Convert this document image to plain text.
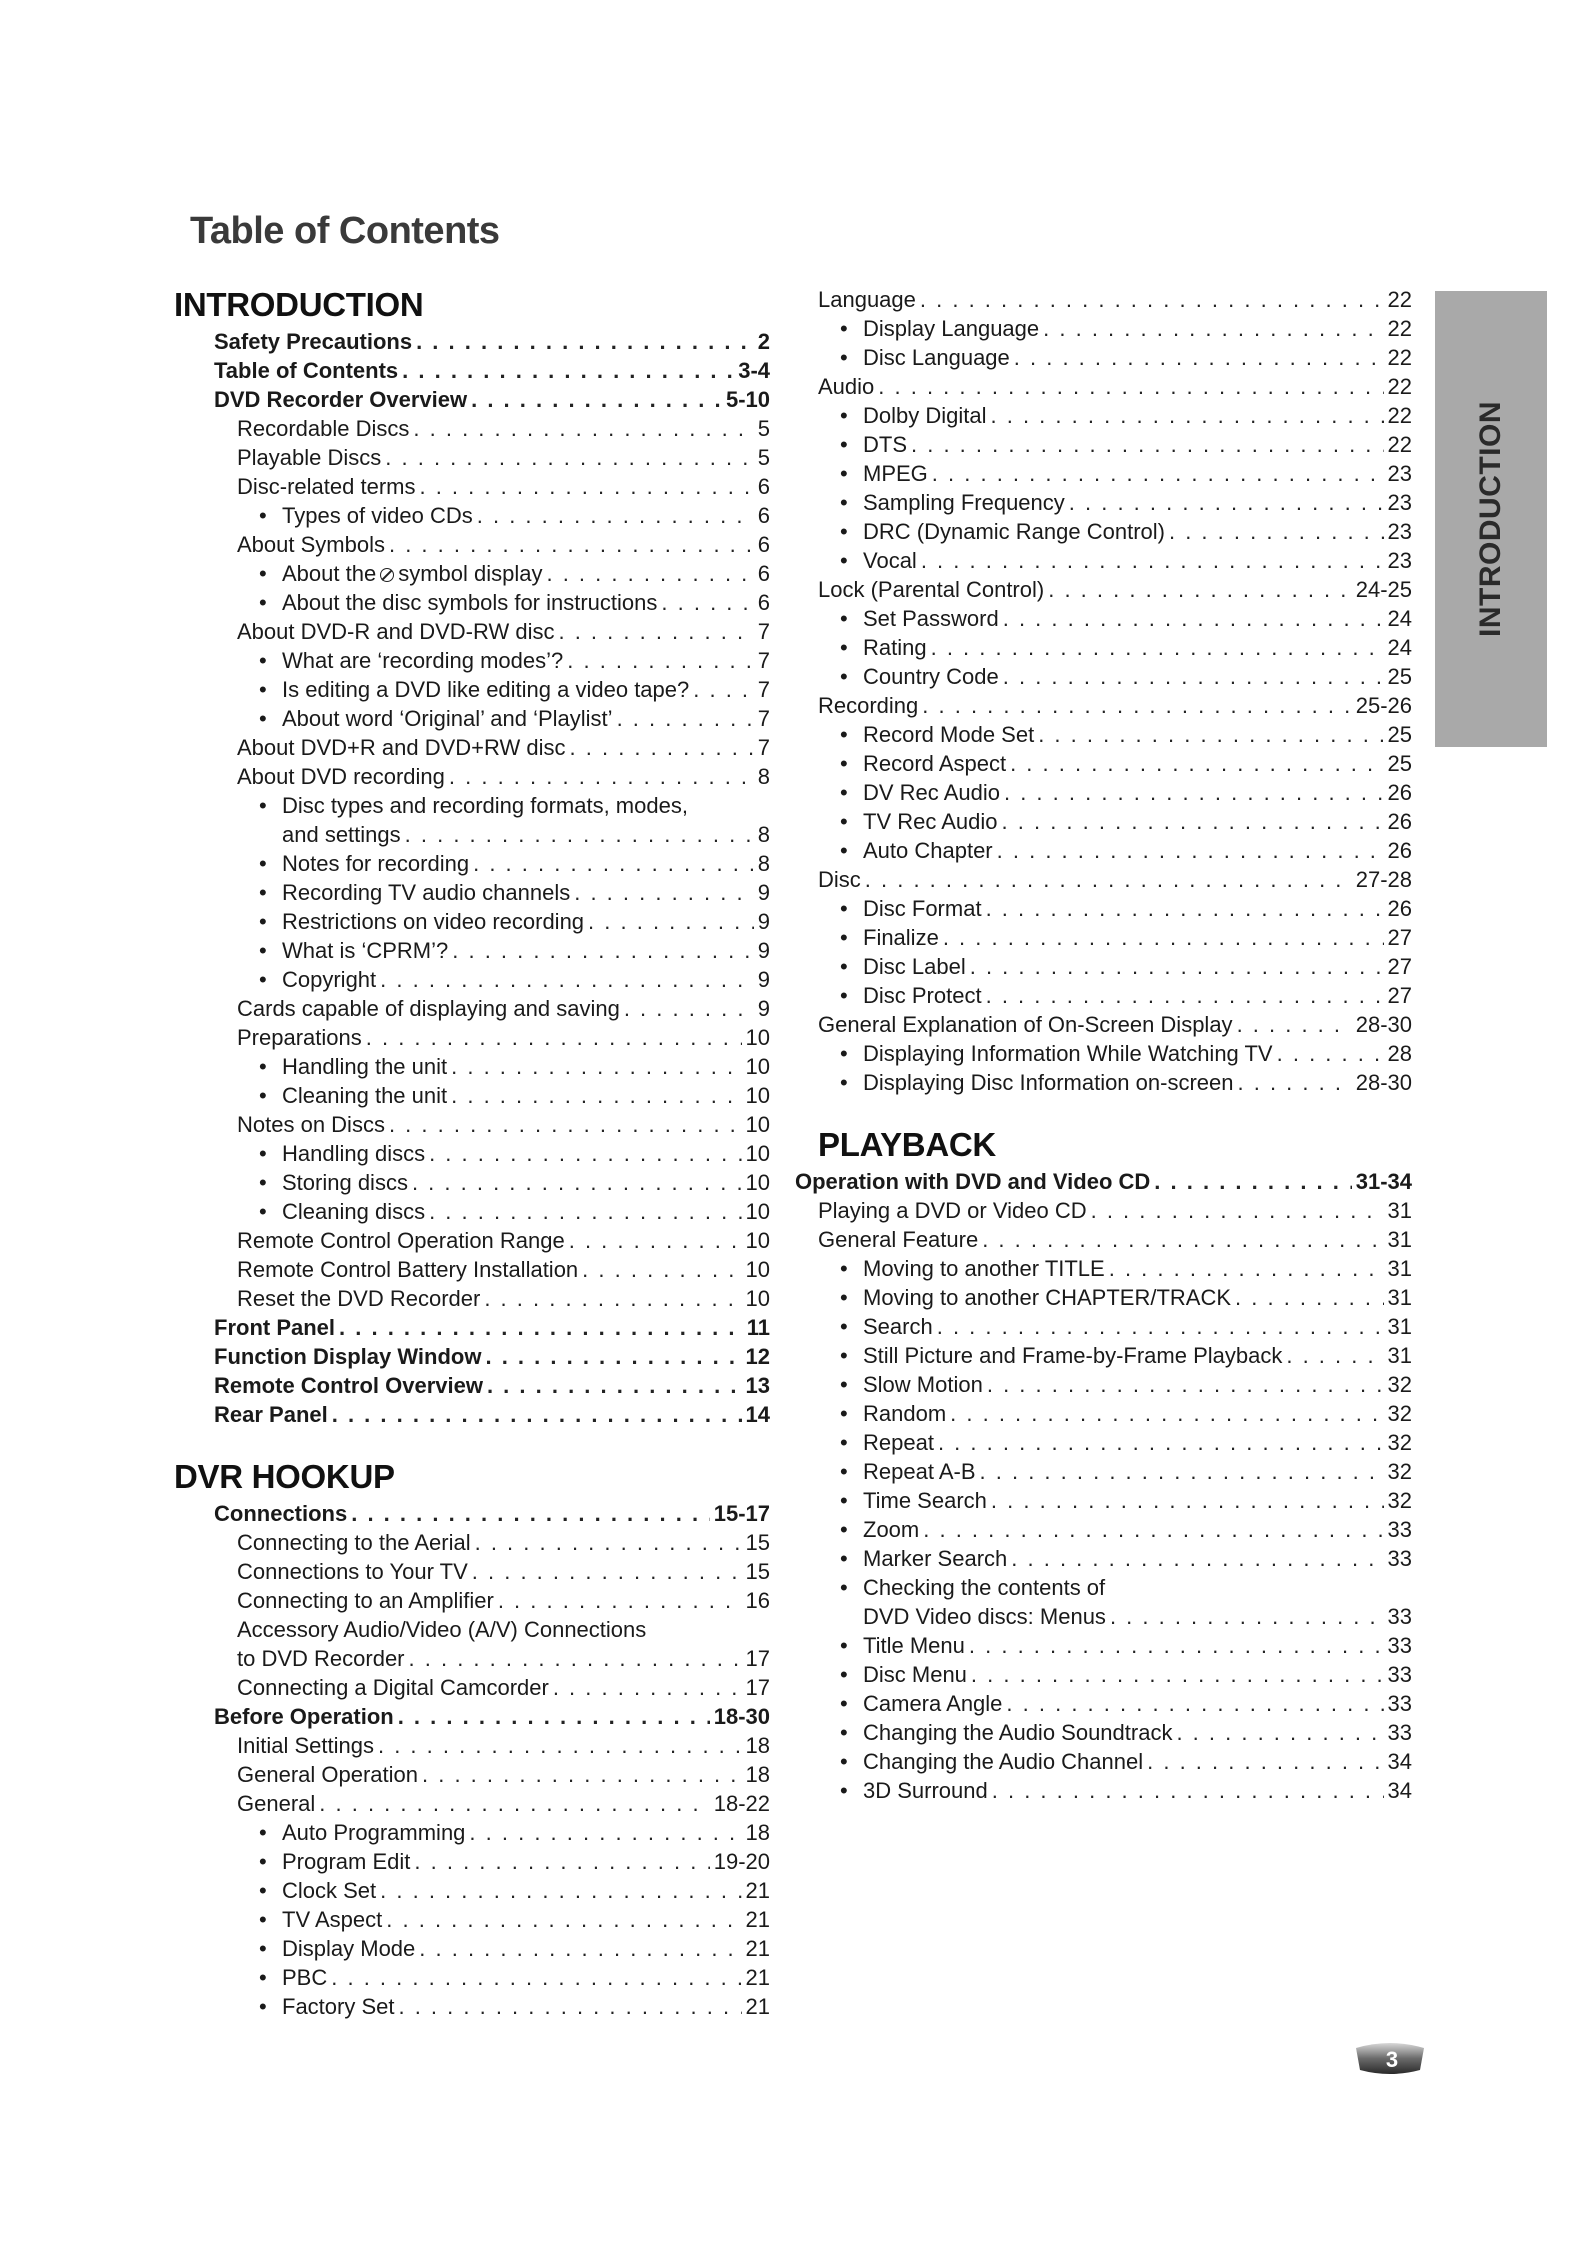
Table of Contents
INTRODUCTION
Safety Precautions . . .	2
Table of Contents . . .	3-4
DVD Recorder Overview . . .	5-10
Recordable Discs . . .	5
Playable Discs . . .	5
Disc-related terms . . .	6
• Types of video CDs . . .	6
About Symbols . . .	6
• About the symbol display . . .	6
• About the disc symbols for instructions . . .	6
About DVD-R and DVD-RW disc . . .	7
• What are ‘recording modes’? . . .	7
• Is editing a DVD like editing a video tape? . . .	7
• About word ‘Original’ and ‘Playlist’ . . .	7
About DVD+R and DVD+RW disc . . .	7
About DVD recording . . .	8
• Disc types and recording formats, modes,
and settings . . .	8
• Notes for recording . . .	8
• Recording TV audio channels . . .	9
• Restrictions on video recording . . .	9
• What is ‘CPRM’? . . .	9
• Copyright . . .	9
Cards capable of displaying and saving . . .	9
Preparations . . .	10
• Handling the unit . . .	10
• Cleaning the unit . . .	10
Notes on Discs . . .	10
• Handling discs . . .	10
• Storing discs . . .	10
• Cleaning discs . . .	10
Remote Control Operation Range . . .	10
Remote Control Battery Installation . . .	10
Reset the DVD Recorder . . .	10
Front Panel . . .	11
Function Display Window . . .	12
Remote Control Overview . . .	13
Rear Panel . . .	14
DVR HOOKUP
Connections . . .	15-17
Connecting to the Aerial . . .	15
Connections to Your TV . . .	15
Connecting to an Amplifier . . .	16
Accessory Audio/Video (A/V) Connections
to DVD Recorder . . .	17
Connecting a Digital Camcorder . . .	17
Before Operation . . .	18-30
Initial Settings . . .	18
General Operation . . .	18
General . . .	18-22
• Auto Programming . . .	18
• Program Edit . . .	19-20
• Clock Set . . .	21
• TV Aspect . . .	21
• Display Mode . . .	21
• PBC . . .	21
• Factory Set . . .	21
Language . . .	22
• Display Language . . .	22
• Disc Language . . .	22
Audio . . .	22
• Dolby Digital . . .	22
• DTS . . .	22
• MPEG . . .	23
• Sampling Frequency . . .	23
• DRC (Dynamic Range Control) . . .	23
• Vocal . . .	23
Lock (Parental Control) . . .	24-25
• Set Password . . .	24
• Rating . . .	24
• Country Code . . .	25
Recording . . .	25-26
• Record Mode Set . . .	25
• Record Aspect . . .	25
• DV Rec Audio . . .	26
• TV Rec Audio . . .	26
• Auto Chapter . . .	26
Disc . . .	27-28
• Disc Format . . .	26
• Finalize . . .	27
• Disc Label . . .	27
• Disc Protect . . .	27
General Explanation of On-Screen Display . . .	28-30
• Displaying Information While Watching TV . . .	28
• Displaying Disc Information on-screen . . .	28-30
PLAYBACK
Operation with DVD and Video CD . . .	31-34
Playing a DVD or Video CD . . .	31
General Feature . . .	31
• Moving to another TITLE . . .	31
• Moving to another CHAPTER/TRACK . . .	31
• Search . . .	31
• Still Picture and Frame-by-Frame Playback . . .	31
• Slow Motion . . .	32
• Random . . .	32
• Repeat . . .	32
• Repeat A-B . . .	32
• Time Search . . .	32
• Zoom . . .	33
• Marker Search . . .	33
• Checking the contents of
DVD Video discs: Menus . . .	33
• Title Menu . . .	33
• Disc Menu . . .	33
• Camera Angle . . .	33
• Changing the Audio Soundtrack . . .	33
• Changing the Audio Channel . . .	34
• 3D Surround . . .	34
INTRODUCTION
3
